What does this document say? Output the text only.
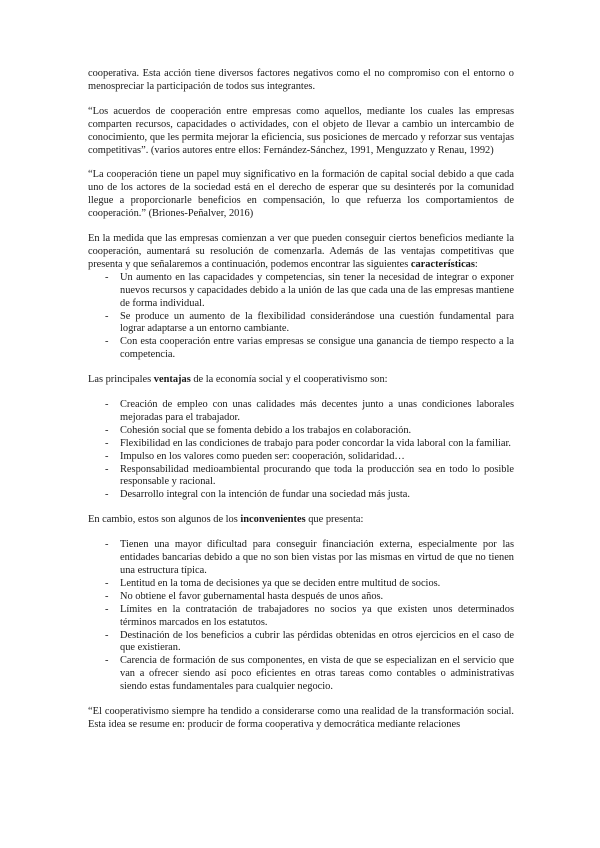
cooperativa. Esta acción tiene diversos factores negativos como el no compromiso con el entorno o menospreciar la participación de todos sus integrantes.

“Los acuerdos de cooperación entre empresas como aquellos, mediante los cuales las empresas comparten recursos, capacidades o actividades, con el objeto de llevar a cambio un intercambio de conocimiento, que les permita mejorar la eficiencia, sus posiciones de mercado y reforzar sus ventajas competitivas”. (varios autores entre ellos: Fernández-Sánchez, 1991, Menguzzato y Renau, 1992)

“La cooperación tiene un papel muy significativo en la formación de capital social debido a que cada uno de los actores de la sociedad está en el derecho de esperar que su desinterés por la comunidad llegue a proporcionarle beneficios en compensación, lo que refuerza los comportamientos de cooperación.” (Briones-Peñalver, 2016)

En la medida que las empresas comienzan a ver que pueden conseguir ciertos beneficios mediante la cooperación, aumentará su resolución de comenzarla. Además de las ventajas competitivas que presenta y que señalaremos a continuación, podemos encontrar las siguientes características:

- Un aumento en las capacidades y competencias, sin tener la necesidad de integrar o exponer nuevos recursos y capacidades debido a la unión de las que cada una de las empresas mantiene de forma individual.
- Se produce un aumento de la flexibilidad considerándose una cuestión fundamental para lograr adaptarse a un entorno cambiante.
- Con esta cooperación entre varias empresas se consigue una ganancia de tiempo respecto a la competencia.

Las principales ventajas de la economía social y el cooperativismo son:

- Creación de empleo con unas calidades más decentes junto a unas condiciones laborales mejoradas para el trabajador.
- Cohesión social que se fomenta debido a los trabajos en colaboración.
- Flexibilidad en las condiciones de trabajo para poder concordar la vida laboral con la familiar.
- Impulso en los valores como pueden ser: cooperación, solidaridad…
- Responsabilidad medioambiental procurando que toda la producción sea en todo lo posible responsable y racional.
- Desarrollo integral con la intención de fundar una sociedad más justa.

En cambio, estos son algunos de los inconvenientes que presenta:

- Tienen una mayor dificultad para conseguir financiación externa, especialmente por las entidades bancarias debido a que no son bien vistas por las mismas en virtud de que no tienen una estructura típica.
- Lentitud en la toma de decisiones ya que se deciden entre multitud de socios.
- No obtiene el favor gubernamental hasta después de unos años.
- Límites en la contratación de trabajadores no socios ya que existen unos determinados términos marcados en los estatutos.
- Destinación de los beneficios a cubrir las pérdidas obtenidas en otros ejercicios en el caso de que existieran.
- Carencia de formación de sus componentes, en vista de que se especializan en el servicio que van a ofrecer siendo así poco eficientes en otras tareas como contables o administrativas siendo estas fundamentales para cualquier negocio.

“El cooperativismo siempre ha tendido a considerarse como una realidad de la transformación social. Esta idea se resume en: producir de forma cooperativa y democrática mediante relaciones
